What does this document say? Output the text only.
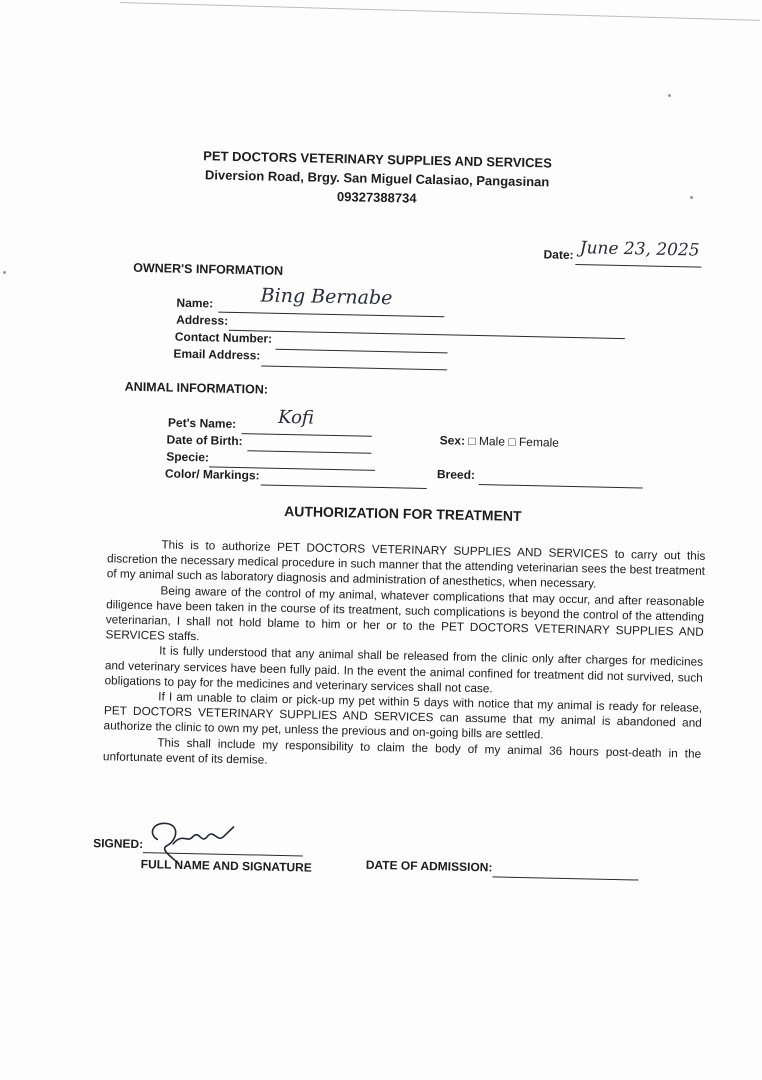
PET DOCTORS VETERINARY SUPPLIES AND SERVICES
Diversion Road, Brgy. San Miguel Calasiao, Pangasinan
09327388734
Date: June 23, 2025
OWNER'S INFORMATION
Name: Bing Bernabe
Address:
Contact Number:
Email Address:
ANIMAL INFORMATION:
Pet's Name: Kofi
Date of Birth:
Specie:
Color/ Markings:
Sex: □ Male □ Female
Breed:
AUTHORIZATION FOR TREATMENT

This is to authorize PET DOCTORS VETERINARY SUPPLIES AND SERVICES to carry out this discretion the necessary medical procedure in such manner that the attending veterinarian sees the best treatment of my animal such as laboratory diagnosis and administration of anesthetics, when necessary.

Being aware of the control of my animal, whatever complications that may occur, and after reasonable diligence have been taken in the course of its treatment, such complications is beyond the control of the attending veterinarian, I shall not hold blame to him or her or to the PET DOCTORS VETERINARY SUPPLIES AND SERVICES staffs.

It is fully understood that any animal shall be released from the clinic only after charges for medicines and veterinary services have been fully paid. In the event the animal confined for treatment did not survived, such obligations to pay for the medicines and veterinary services shall not case.

If I am unable to claim or pick-up my pet within 5 days with notice that my animal is ready for release, PET DOCTORS VETERINARY SUPPLIES AND SERVICES can assume that my animal is abandoned and authorize the clinic to own my pet, unless the previous and on-going bills are settled.

This shall include my responsibility to claim the body of my animal 36 hours post-death in the unfortunate event of its demise.

SIGNED:
FULL NAME AND SIGNATURE	DATE OF ADMISSION:
